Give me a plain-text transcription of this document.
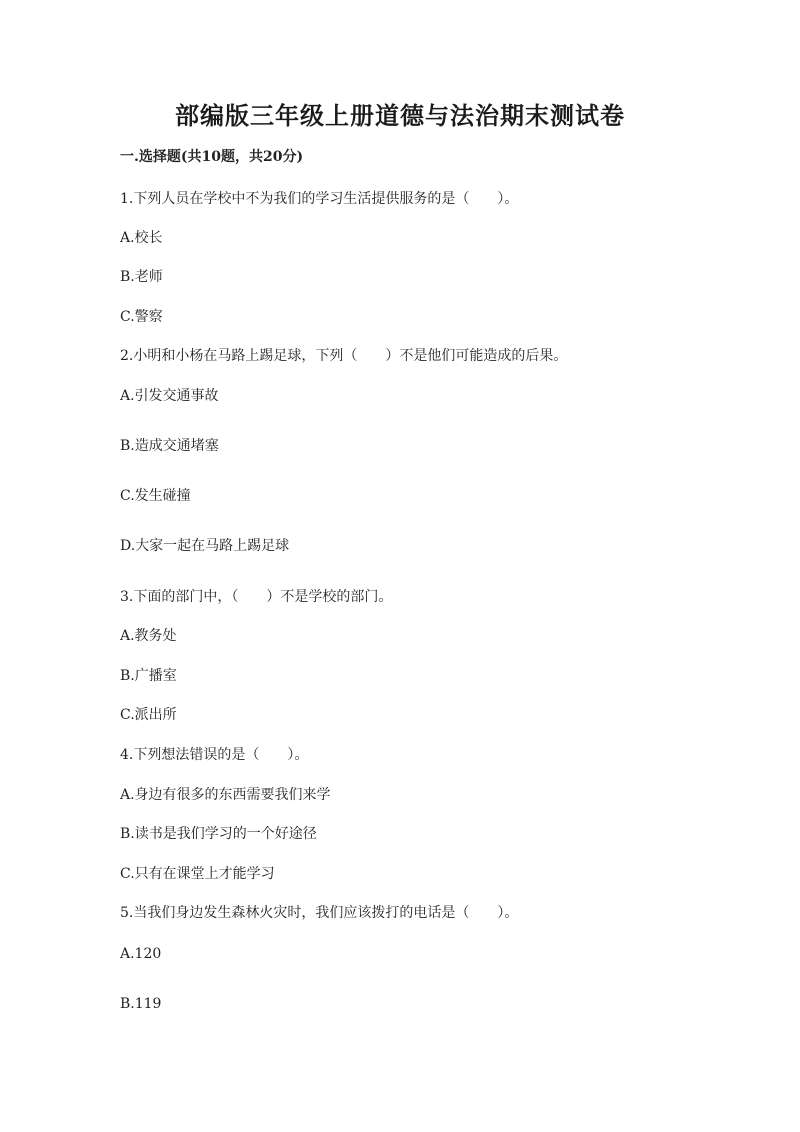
部编版三年级上册道德与法治期末测试卷
一.选择题(共10题，共20分)
1.下列人员在学校中不为我们的学习生活提供服务的是（　　）。
A.校长
B.老师
C.警察
2.小明和小杨在马路上踢足球，下列（　　）不是他们可能造成的后果。
A.引发交通事故
B.造成交通堵塞
C.发生碰撞
D.大家一起在马路上踢足球
3.下面的部门中，（　　）不是学校的部门。
A.教务处
B.广播室
C.派出所
4.下列想法错误的是（　　）。
A.身边有很多的东西需要我们来学
B.读书是我们学习的一个好途径
C.只有在课堂上才能学习
5.当我们身边发生森林火灾时，我们应该拨打的电话是（　　）。
A.120
B.119
